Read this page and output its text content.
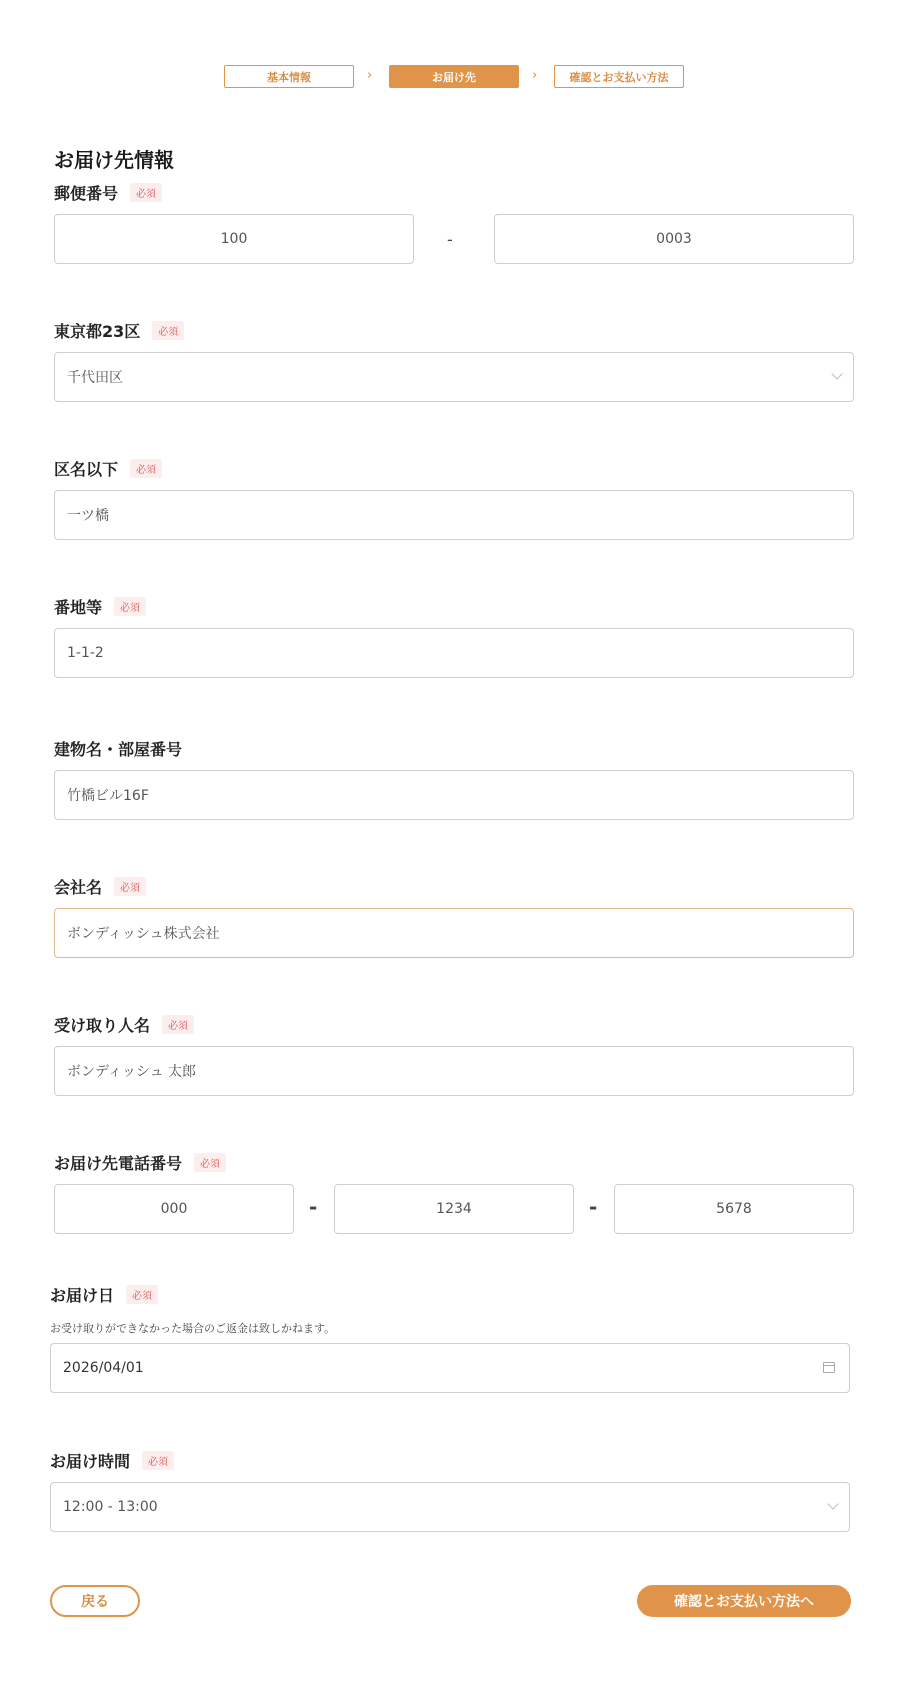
基本情報	›	お届け先	›	確認とお支払い方法
お届け先情報
郵便番号	必須
100	-	0003
東京都23区	必須
千代田区
区名以下	必須
一ツ橋
番地等	必須
1-1-2
建物名・部屋番号
竹橋ビル16F
会社名	必須
ボンディッシュ株式会社
受け取り人名	必須
ボンディッシュ 太郎
お届け先電話番号	必須
000	-	1234	-	5678
お届け日	必須
お受け取りができなかった場合のご返金は致しかねます。
2026/04/01
お届け時間	必須
12:00 - 13:00
戻る	確認とお支払い方法へ
